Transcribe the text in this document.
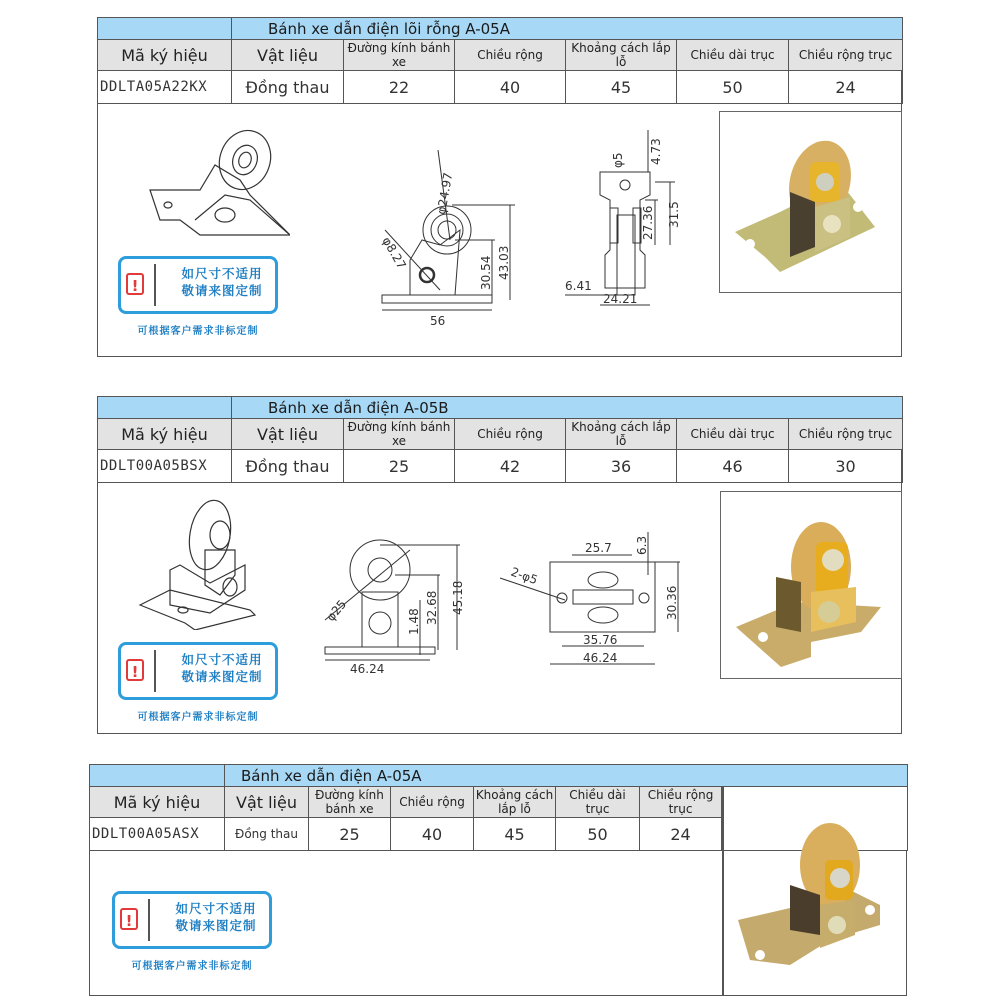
	Bánh xe dẫn điện lõi rỗng A-05A					
Mã ký hiệu	Vật liệu	Đường kính bánh xe	Chiều rộng	Khoảng cách lắp lỗ	Chiều dài trục	Chiều rộng trục
DDLTA05A22KX	Đồng thau	22	40	45	50	24
!
如尺寸不适用
敬请来图定制
可根据客户需求非标定制
56
φ24.97
φ8.27
30.54 43.03
φ5 4.73
27.36 31.5
6.41
24.21
	Bánh xe dẫn điện A-05B					
Mã ký hiệu	Vật liệu	Đường kính bánh xe	Chiều rộng	Khoảng cách lắp lỗ	Chiều dài trục	Chiều rộng trục
DDLT00A05BSX	Đồng thau	25	42	36	46	30
!
如尺寸不适用
敬请来图定制
可根据客户需求非标定制
46.24
φ25	1.48 32.68 45.18
25.7 6.3
2-φ5
30.36
35.76
46.24
	Bánh xe dẫn điện A-05A						
Mã ký hiệu	Vật liệu	Đường kính bánh xe	Chiều rộng	Khoảng cách lắp lỗ	Chiều dài trục	Chiều rộng trục	
DDLT00A05ASX	Đồng thau	25	40	45	50	24	
!
如尺寸不适用
敬请来图定制
可根据客户需求非标定制
